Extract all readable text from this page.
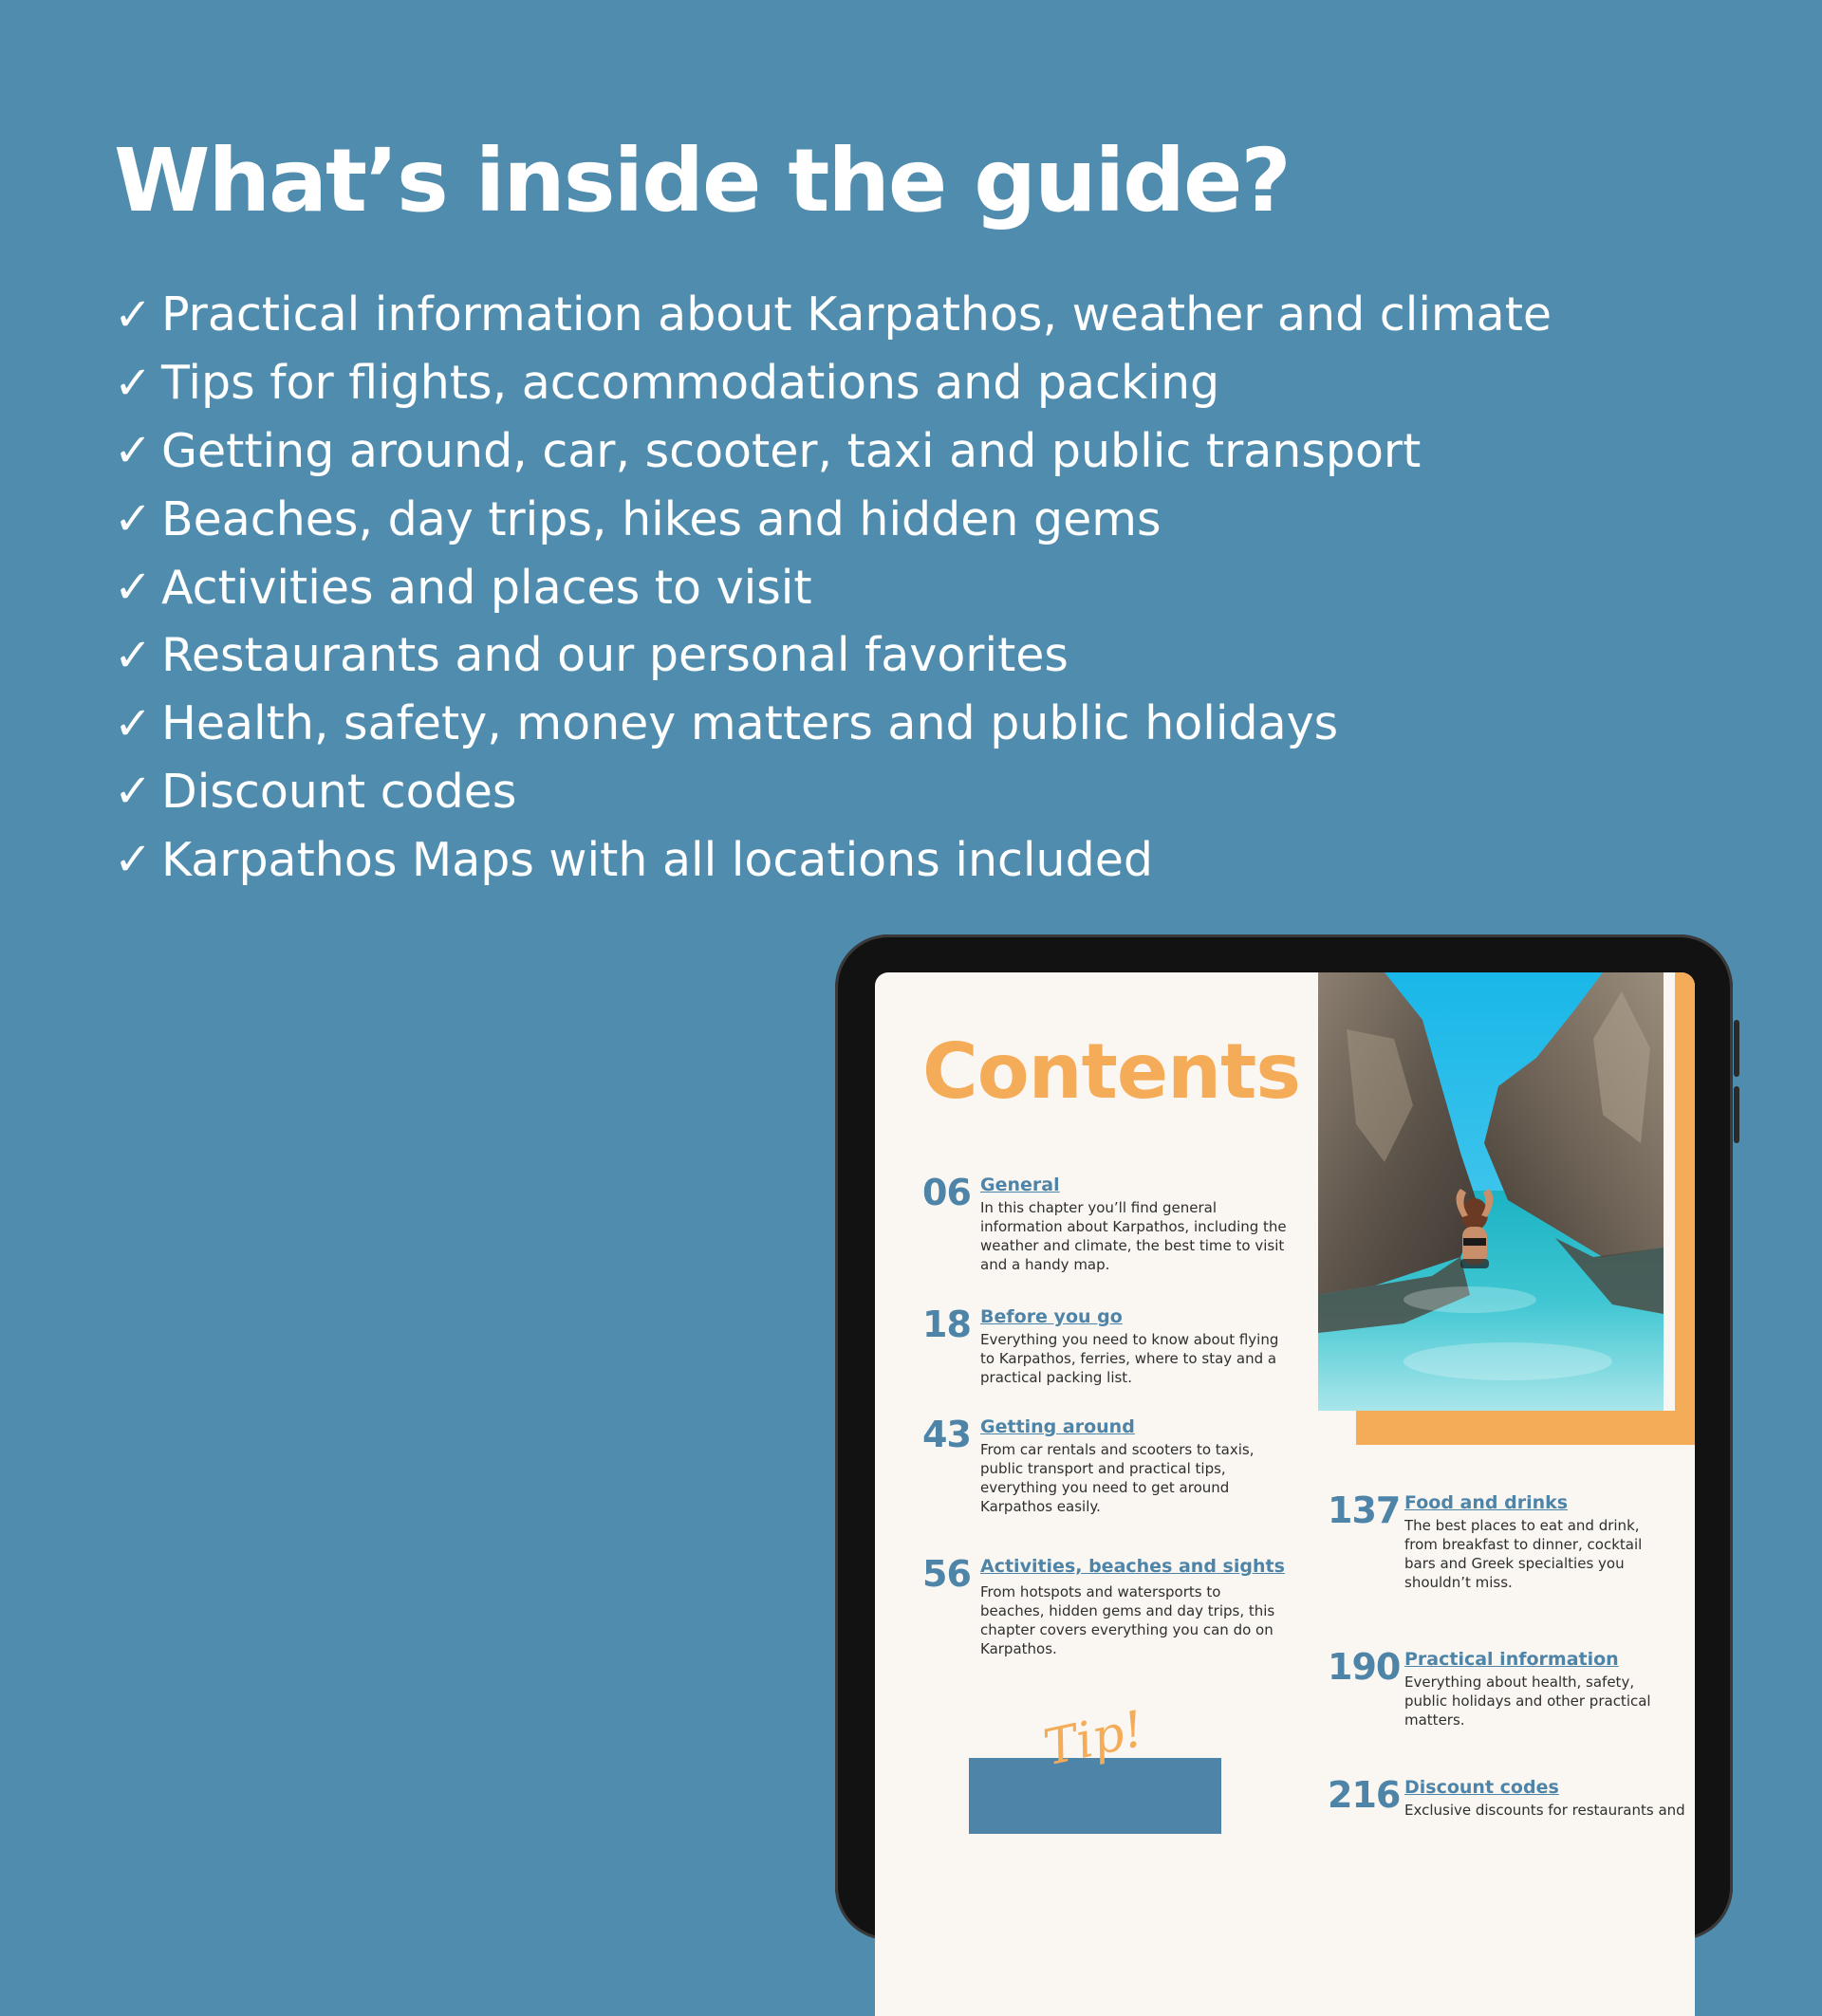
What’s inside the guide?
✓ Practical information about Karpathos, weather and climate
✓ Tips for flights, accommodations and packing
✓ Getting around, car, scooter, taxi and public transport
✓ Beaches, day trips, hikes and hidden gems
✓ Activities and places to visit
✓ Restaurants and our personal favorites
✓ Health, safety, money matters and public holidays
✓ Discount codes
✓ Karpathos Maps with all locations included
Contents
06 General

In this chapter you’ll find general information about Karpathos, including the weather and climate, the best time to visit and a handy map.

18 Before you go

Everything you need to know about flying to Karpathos, ferries, where to stay and a practical packing list.

43 Getting around

From car rentals and scooters to taxis, public transport and practical tips, everything you need to get around Karpathos easily.

56 Activities, beaches and sights

From hotspots and watersports to beaches, hidden gems and day trips, this chapter covers everything you can do on Karpathos.

137 Food and drinks

The best places to eat and drink, from breakfast to dinner, cocktail bars and Greek specialties you shouldn’t miss.

190 Practical information

Everything about health, safety, public holidays and other practical matters.

216 Discount codes

Exclusive discounts for restaurants and

Tip!
